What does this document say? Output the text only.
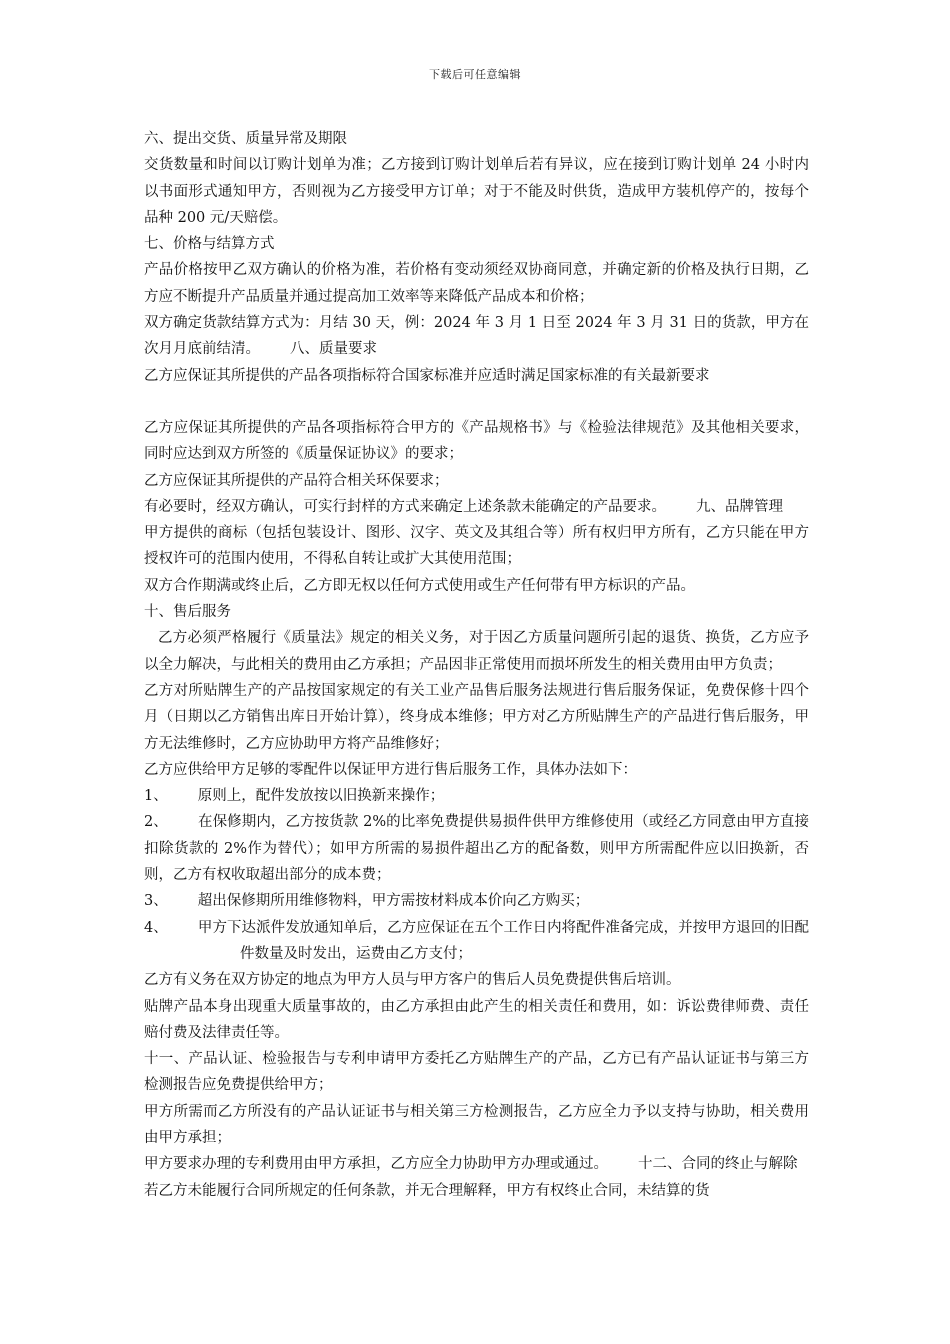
下载后可任意编辑

六、提出交货、质量异常及期限

交货数量和时间以订购计划单为准；乙方接到订购计划单后若有异议，应在接到订购计划单 24 小时内以书面形式通知甲方，否则视为乙方接受甲方订单；对于不能及时供货，造成甲方装机停产的，按每个品种 200 元/天赔偿。

七、价格与结算方式

产品价格按甲乙双方确认的价格为准，若价格有变动须经双协商同意，并确定新的价格及执行日期，乙方应不断提升产品质量并通过提高加工效率等来降低产品成本和价格；

双方确定货款结算方式为：月结 30 天，例：2024 年 3 月 1 日至 2024 年 3 月 31 日的货款，甲方在次月月底前结清。 八、质量要求

乙方应保证其所提供的产品各项指标符合国家标准并应适时满足国家标准的有关最新要求

乙方应保证其所提供的产品各项指标符合甲方的《产品规格书》与《检验法律规范》及其他相关要求，同时应达到双方所签的《质量保证协议》的要求；

乙方应保证其所提供的产品符合相关环保要求；

有必要时，经双方确认，可实行封样的方式来确定上述条款未能确定的产品要求。 九、品牌管理

甲方提供的商标（包括包装设计、图形、汉字、英文及其组合等）所有权归甲方所有，乙方只能在甲方授权许可的范围内使用，不得私自转让或扩大其使用范围；

双方合作期满或终止后，乙方即无权以任何方式使用或生产任何带有甲方标识的产品。

十、售后服务

乙方必须严格履行《质量法》规定的相关义务，对于因乙方质量问题所引起的退货、换货，乙方应予以全力解决，与此相关的费用由乙方承担；产品因非正常使用而损坏所发生的相关费用由甲方负责；

乙方对所贴牌生产的产品按国家规定的有关工业产品售后服务法规进行售后服务保证，免费保修十四个月（日期以乙方销售出库日开始计算），终身成本维修；甲方对乙方所贴牌生产的产品进行售后服务，甲方无法维修时，乙方应协助甲方将产品维修好；

乙方应供给甲方足够的零配件以保证甲方进行售后服务工作，具体办法如下：

1、 原则上，配件发放按以旧换新来操作；

2、 在保修期内，乙方按货款 2%的比率免费提供易损件供甲方维修使用（或经乙方同意由甲方直接扣除货款的 2%作为替代）；如甲方所需的易损件超出乙方的配备数，则甲方所需配件应以旧换新，否则，乙方有权收取超出部分的成本费；

3、 超出保修期所用维修物料，甲方需按材料成本价向乙方购买；

4、 甲方下达派件发放通知单后，乙方应保证在五个工作日内将配件准备完成，并按甲方退回的旧配件数量及时发出，运费由乙方支付；

乙方有义务在双方协定的地点为甲方人员与甲方客户的售后人员免费提供售后培训。

贴牌产品本身出现重大质量事故的，由乙方承担由此产生的相关责任和费用，如：诉讼费律师费、责任赔付费及法律责任等。

十一、产品认证、检验报告与专利申请甲方委托乙方贴牌生产的产品，乙方已有产品认证证书与第三方检测报告应免费提供给甲方；

甲方所需而乙方所没有的产品认证证书与相关第三方检测报告，乙方应全力予以支持与协助，相关费用由甲方承担；

甲方要求办理的专利费用由甲方承担，乙方应全力协助甲方办理或通过。 十二、合同的终止与解除

若乙方未能履行合同所规定的任何条款，并无合理解释，甲方有权终止合同，未结算的货
